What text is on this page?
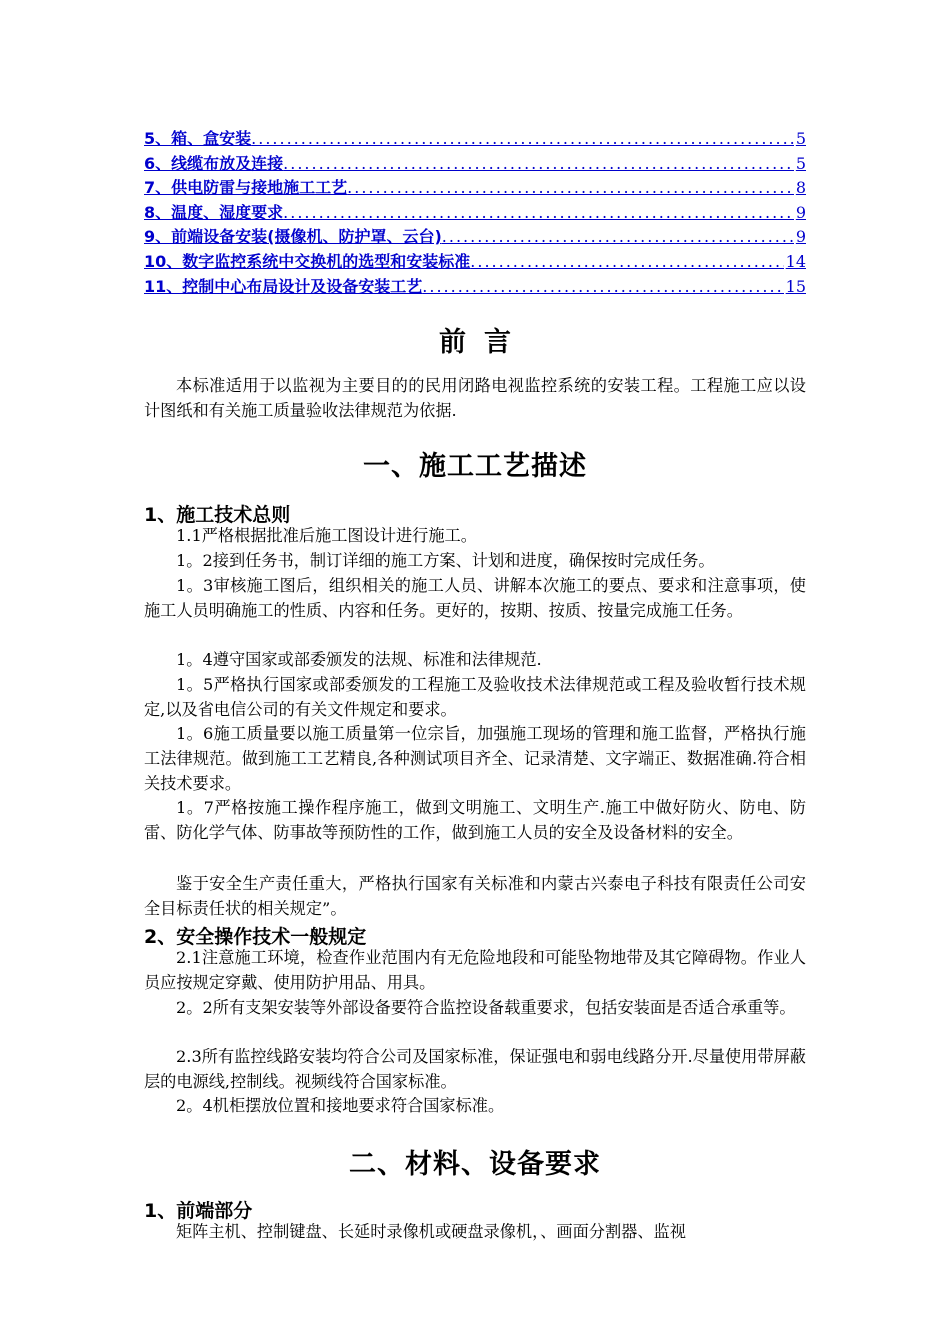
5、箱、盒安装 .....	5
6、线缆布放及连接 .....	5
7、供电防雷与接地施工工艺 .....	8
8、温度、湿度要求 .....	9
9、前端设备安装(摄像机、防护罩、云台) .....	9
10、数字监控系统中交换机的选型和安装标准 .....	14
11、控制中心布局设计及设备安装工艺 .....	15
前言
本标准适用于以监视为主要目的的民用闭路电视监控系统的安装工程。工程施工应以设计图纸和有关施工质量验收法律规范为依据.
一、施工工艺描述
1、施工技术总则
1.1严格根据批准后施工图设计进行施工。
1。2接到任务书，制订详细的施工方案、计划和进度，确保按时完成任务。
1。3审核施工图后，组织相关的施工人员、讲解本次施工的要点、要求和注意事项，使施工人员明确施工的性质、内容和任务。更好的，按期、按质、按量完成施工任务。
1。4遵守国家或部委颁发的法规、标准和法律规范.
1。5严格执行国家或部委颁发的工程施工及验收技术法律规范或工程及验收暂行技术规定,以及省电信公司的有关文件规定和要求。
1。6施工质量要以施工质量第一位宗旨，加强施工现场的管理和施工监督，严格执行施工法律规范。做到施工工艺精良,各种测试项目齐全、记录清楚、文字端正、数据准确.符合相关技术要求。
1。7严格按施工操作程序施工，做到文明施工、文明生产.施工中做好防火、防电、防雷、防化学气体、防事故等预防性的工作，做到施工人员的安全及设备材料的安全。
鉴于安全生产责任重大，严格执行国家有关标准和内蒙古兴泰电子科技有限责任公司安全目标责任状的相关规定”。
2、安全操作技术一般规定
2.1注意施工环境，检查作业范围内有无危险地段和可能坠物地带及其它障碍物。作业人员应按规定穿戴、使用防护用品、用具。
2。2所有支架安装等外部设备要符合监控设备载重要求，包括安装面是否适合承重等。
2.3所有监控线路安装均符合公司及国家标准，保证强电和弱电线路分开.尽量使用带屏蔽层的电源线,控制线。视频线符合国家标准。
2。4机柜摆放位置和接地要求符合国家标准。
二、材料、设备要求
1、前端部分
矩阵主机、控制键盘、长延时录像机或硬盘录像机，、画面分割器、监视
